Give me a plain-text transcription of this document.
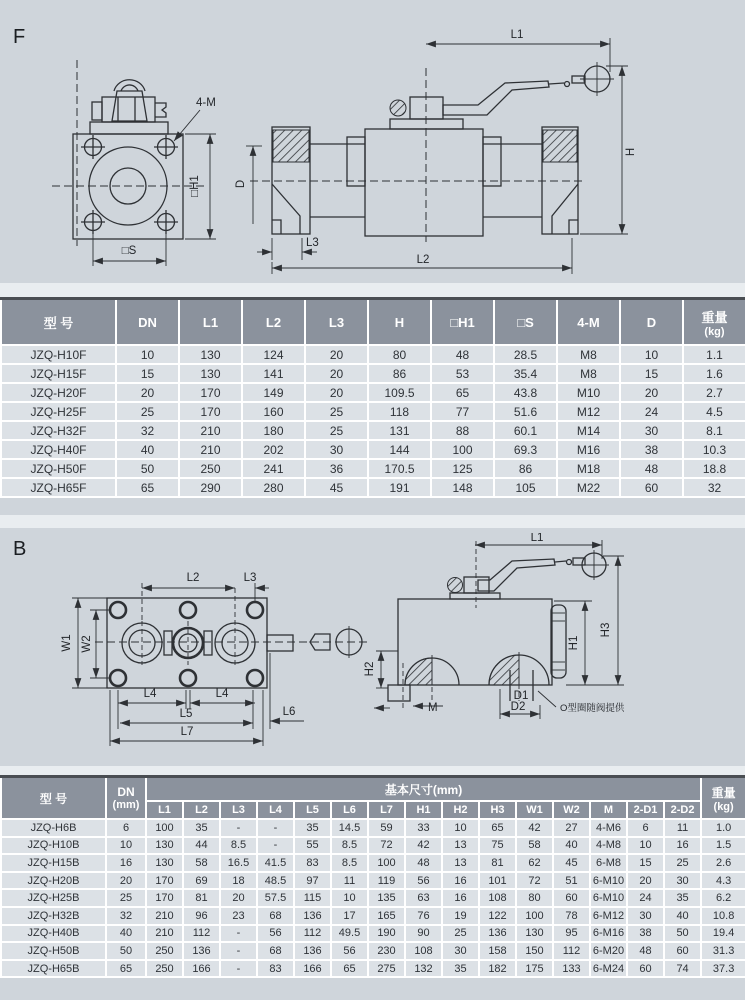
F
4-M
□H1
□S
L1
H
D
L3
L2
型 号	DN	L1	L2	L3	H	□H1	□S	4-M	D	重量
(kg)

JZQ-H10F	10	130	124	20	80	48	28.5	M8	10	1.1
JZQ-H15F	15	130	141	20	86	53	35.4	M8	15	1.6
JZQ-H20F	20	170	149	20	109.5	65	43.8	M10	20	2.7
JZQ-H25F	25	170	160	25	118	77	51.6	M12	24	4.5
JZQ-H32F	32	210	180	25	131	88	60.1	M14	30	8.1
JZQ-H40F	40	210	202	30	144	100	69.3	M16	38	10.3
JZQ-H50F	50	250	241	36	170.5	125	86	M18	48	18.8
JZQ-H65F	65	290	280	45	191	148	105	M22	60	32
B
W1 W2
L2	L3
L4	L4
L5
L7
L6
L1
H3
H1
H2
M
D1
D2	O型圈随阀提供
型 号	DN
(mm)
	基本尺寸(mm)	重量
(kg)

		L1	L2	L3	L4	L5	L6	L7	H1	H2	H3	W1	W2	M	2-D1	2-D2	
JZQ-H6B	6	100	35	-	-	35	14.5	59	33	10	65	42	27	4-M6	6	11	1.0
JZQ-H10B	10	130	44	8.5	-	55	8.5	72	42	13	75	58	40	4-M8	10	16	1.5
JZQ-H15B	16	130	58	16.5	41.5	83	8.5	100	48	13	81	62	45	6-M8	15	25	2.6
JZQ-H20B	20	170	69	18	48.5	97	11	119	56	16	101	72	51	6-M10	20	30	4.3
JZQ-H25B	25	170	81	20	57.5	115	10	135	63	16	108	80	60	6-M10	24	35	6.2
JZQ-H32B	32	210	96	23	68	136	17	165	76	19	122	100	78	6-M12	30	40	10.8
JZQ-H40B	40	210	112	-	56	112	49.5	190	90	25	136	130	95	6-M16	38	50	19.4
JZQ-H50B	50	250	136	-	68	136	56	230	108	30	158	150	112	6-M20	48	60	31.3
JZQ-H65B	65	250	166	-	83	166	65	275	132	35	182	175	133	6-M24	60	74	37.3
